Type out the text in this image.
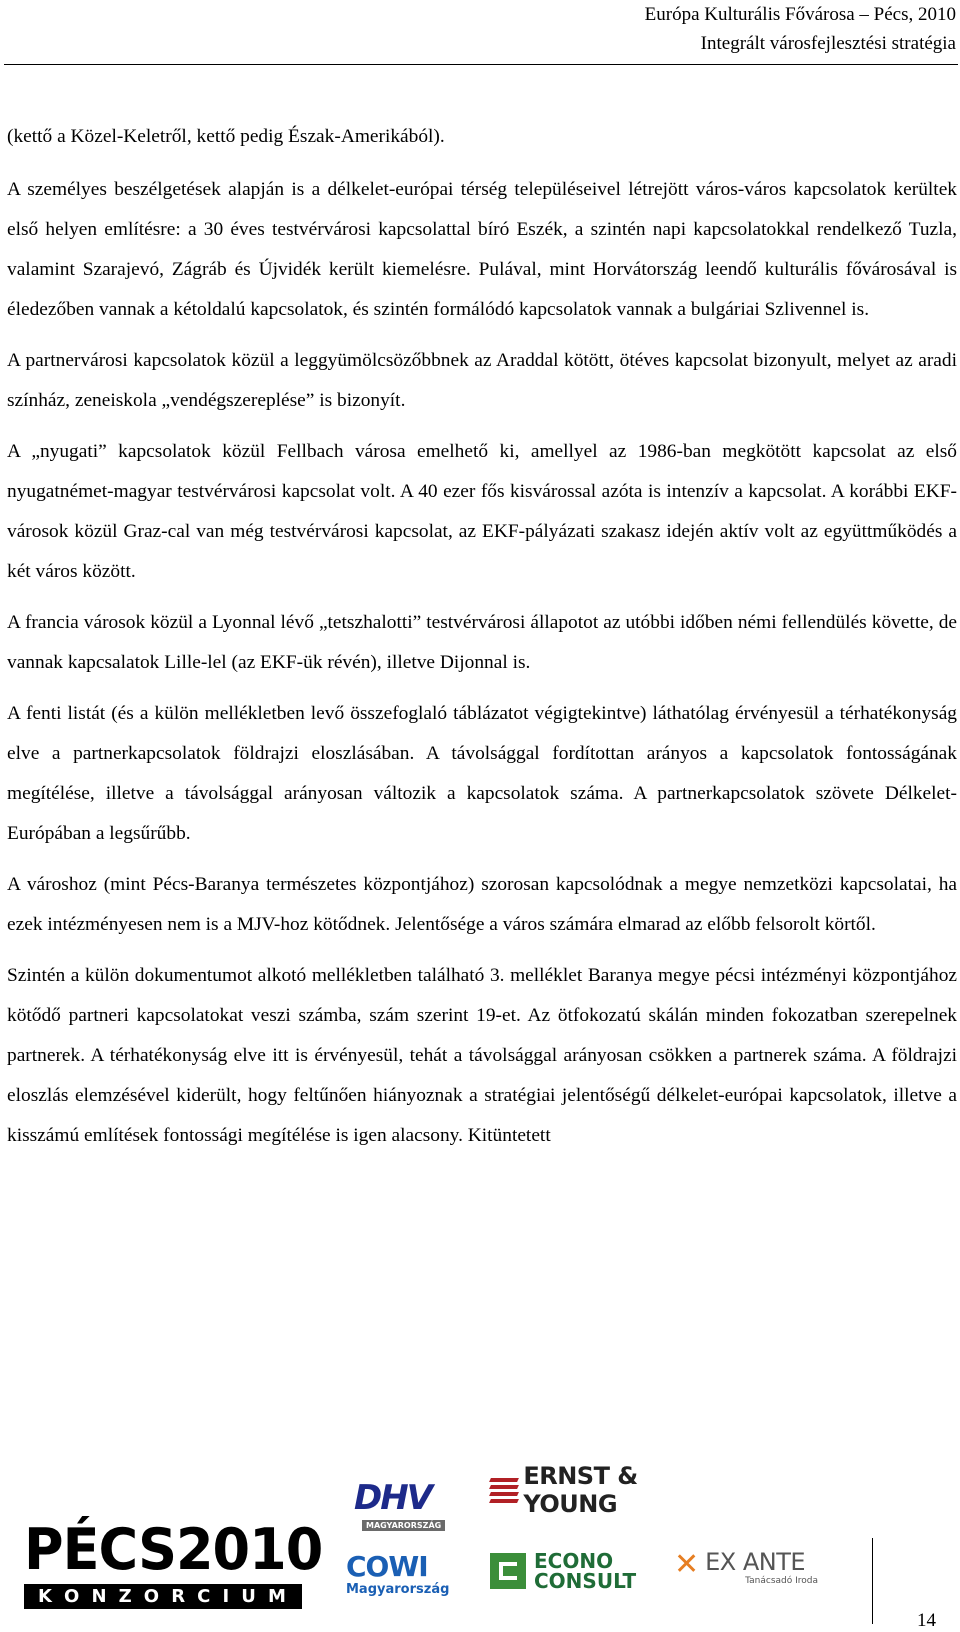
Európa Kulturális Fővárosa – Pécs, 2010
Integrált városfejlesztési stratégia

(kettő a Közel-Keletről, kettő pedig Észak-Amerikából).

A személyes beszélgetések alapján is a délkelet-európai térség településeivel létrejött város-város kapcsolatok kerültek első helyen említésre: a 30 éves testvérvárosi kapcsolattal bíró Eszék, a szintén napi kapcsolatokkal rendelkező Tuzla, valamint Szarajevó, Zágráb és Újvidék került kiemelésre. Pulával, mint Horvátország leendő kulturális fővárosával is éledezőben vannak a kétoldalú kapcsolatok, és szintén formálódó kapcsolatok vannak a bulgáriai Szlivennel is.

A partnervárosi kapcsolatok közül a leggyümölcsözőbbnek az Araddal kötött, ötéves kapcsolat bizonyult, melyet az aradi színház, zeneiskola „vendégszereplése” is bizonyít.

A „nyugati” kapcsolatok közül Fellbach városa emelhető ki, amellyel az 1986-ban megkötött kapcsolat az első nyugatnémet-magyar testvérvárosi kapcsolat volt. A 40 ezer fős kisvárossal azóta is intenzív a kapcsolat. A korábbi EKF-városok közül Graz-cal van még testvérvárosi kapcsolat, az EKF-pályázati szakasz idején aktív volt az együttműködés a két város között.

A francia városok közül a Lyonnal lévő „tetszhalotti” testvérvárosi állapotot az utóbbi időben némi fellendülés követte, de vannak kapcsalatok Lille-lel (az EKF-ük révén), illetve Dijonnal is.

A fenti listát (és a külön mellékletben levő összefoglaló táblázatot végigtekintve) láthatólag érvényesül a térhatékonyság elve a partnerkapcsolatok földrajzi eloszlásában. A távolsággal fordítottan arányos a kapcsolatok fontosságának megítélése, illetve a távolsággal arányosan változik a kapcsolatok száma. A partnerkapcsolatok szövete Délkelet-Európában a legsűrűbb.

A városhoz (mint Pécs-Baranya természetes központjához) szorosan kapcsolódnak a megye nemzetközi kapcsolatai, ha ezek intézményesen nem is a MJV-hoz kötődnek. Jelentősége a város számára elmarad az előbb felsorolt körtől.

Szintén a külön dokumentumot alkotó mellékletben található 3. melléklet Baranya megye pécsi intézményi központjához kötődő partneri kapcsolatokat veszi számba, szám szerint 19-et. Az ötfokozatú skálán minden fokozatban szerepelnek partnerek. A térhatékonyság elve itt is érvényesül, tehát a távolsággal arányosan csökken a partnerek száma. A földrajzi eloszlás elemzésével kiderült, hogy feltűnően hiányoznak a stratégiai jelentőségű délkelet-európai kapcsolatok, illetve a kisszámú említések fontossági megítélése is igen alacsony. Kitüntetett

PÉCS2010
K O N Z O R C I U M
DHV
MAGYARORSZÁG
COWI
Magyarország
ERNST & YOUNG
ECONO
CONSULT ✕ EX ANTE
Tanácsadó Iroda
14
